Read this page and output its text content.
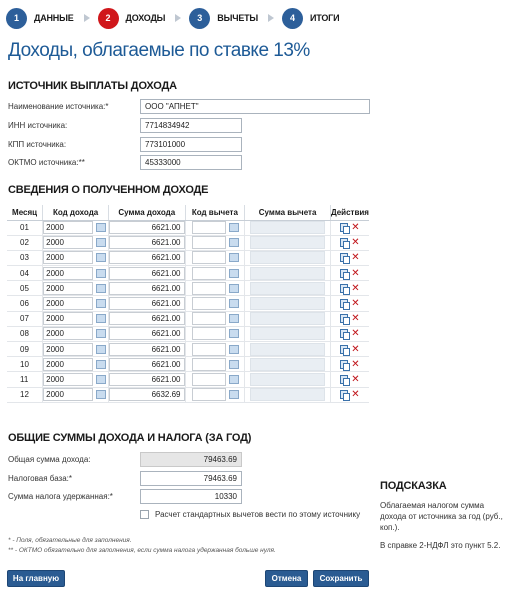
1	ДАННЫЕ	2	ДОХОДЫ	3	ВЫЧЕТЫ	4	ИТОГИ
Доходы, облагаемые по ставке 13%
ИСТОЧНИК ВЫПЛАТЫ ДОХОДА
Наименование источника:*	ООО "АПНЕТ"
ИНН источника:	7714834942
КПП источника:	773101000
ОКТМО источника:**	45333000
СВЕДЕНИЯ О ПОЛУЧЕННОМ ДОХОДЕ
Месяц	Код дохода	Сумма дохода	Код вычета	Сумма вычета	Действия

01	2000	6621.00			✕

02	2000	6621.00			✕

03	2000	6621.00			✕

04	2000	6621.00			✕

05	2000	6621.00			✕

06	2000	6621.00			✕

07	2000	6621.00			✕

08	2000	6621.00			✕

09	2000	6621.00			✕

10	2000	6621.00			✕

11	2000	6621.00			✕

12	2000	6632.69			✕
ОБЩИЕ СУММЫ ДОХОДА И НАЛОГА (ЗА ГОД)
Общая сумма дохода:	79463.69
Налоговая база:*	79463.69
Сумма налога удержанная:*	10330
Расчет стандартных вычетов вести по этому источнику
ПОДСКАЗКА
Облагаемая налогом сумма дохода от источника за год (руб., коп.).
В справке 2-НДФЛ это пункт 5.2.
* - Поля, обязательные для заполнения.
** - ОКТМО обязательно для заполнения, если сумма налога удержанная больше нуля.
На главную	Отмена	Сохранить
